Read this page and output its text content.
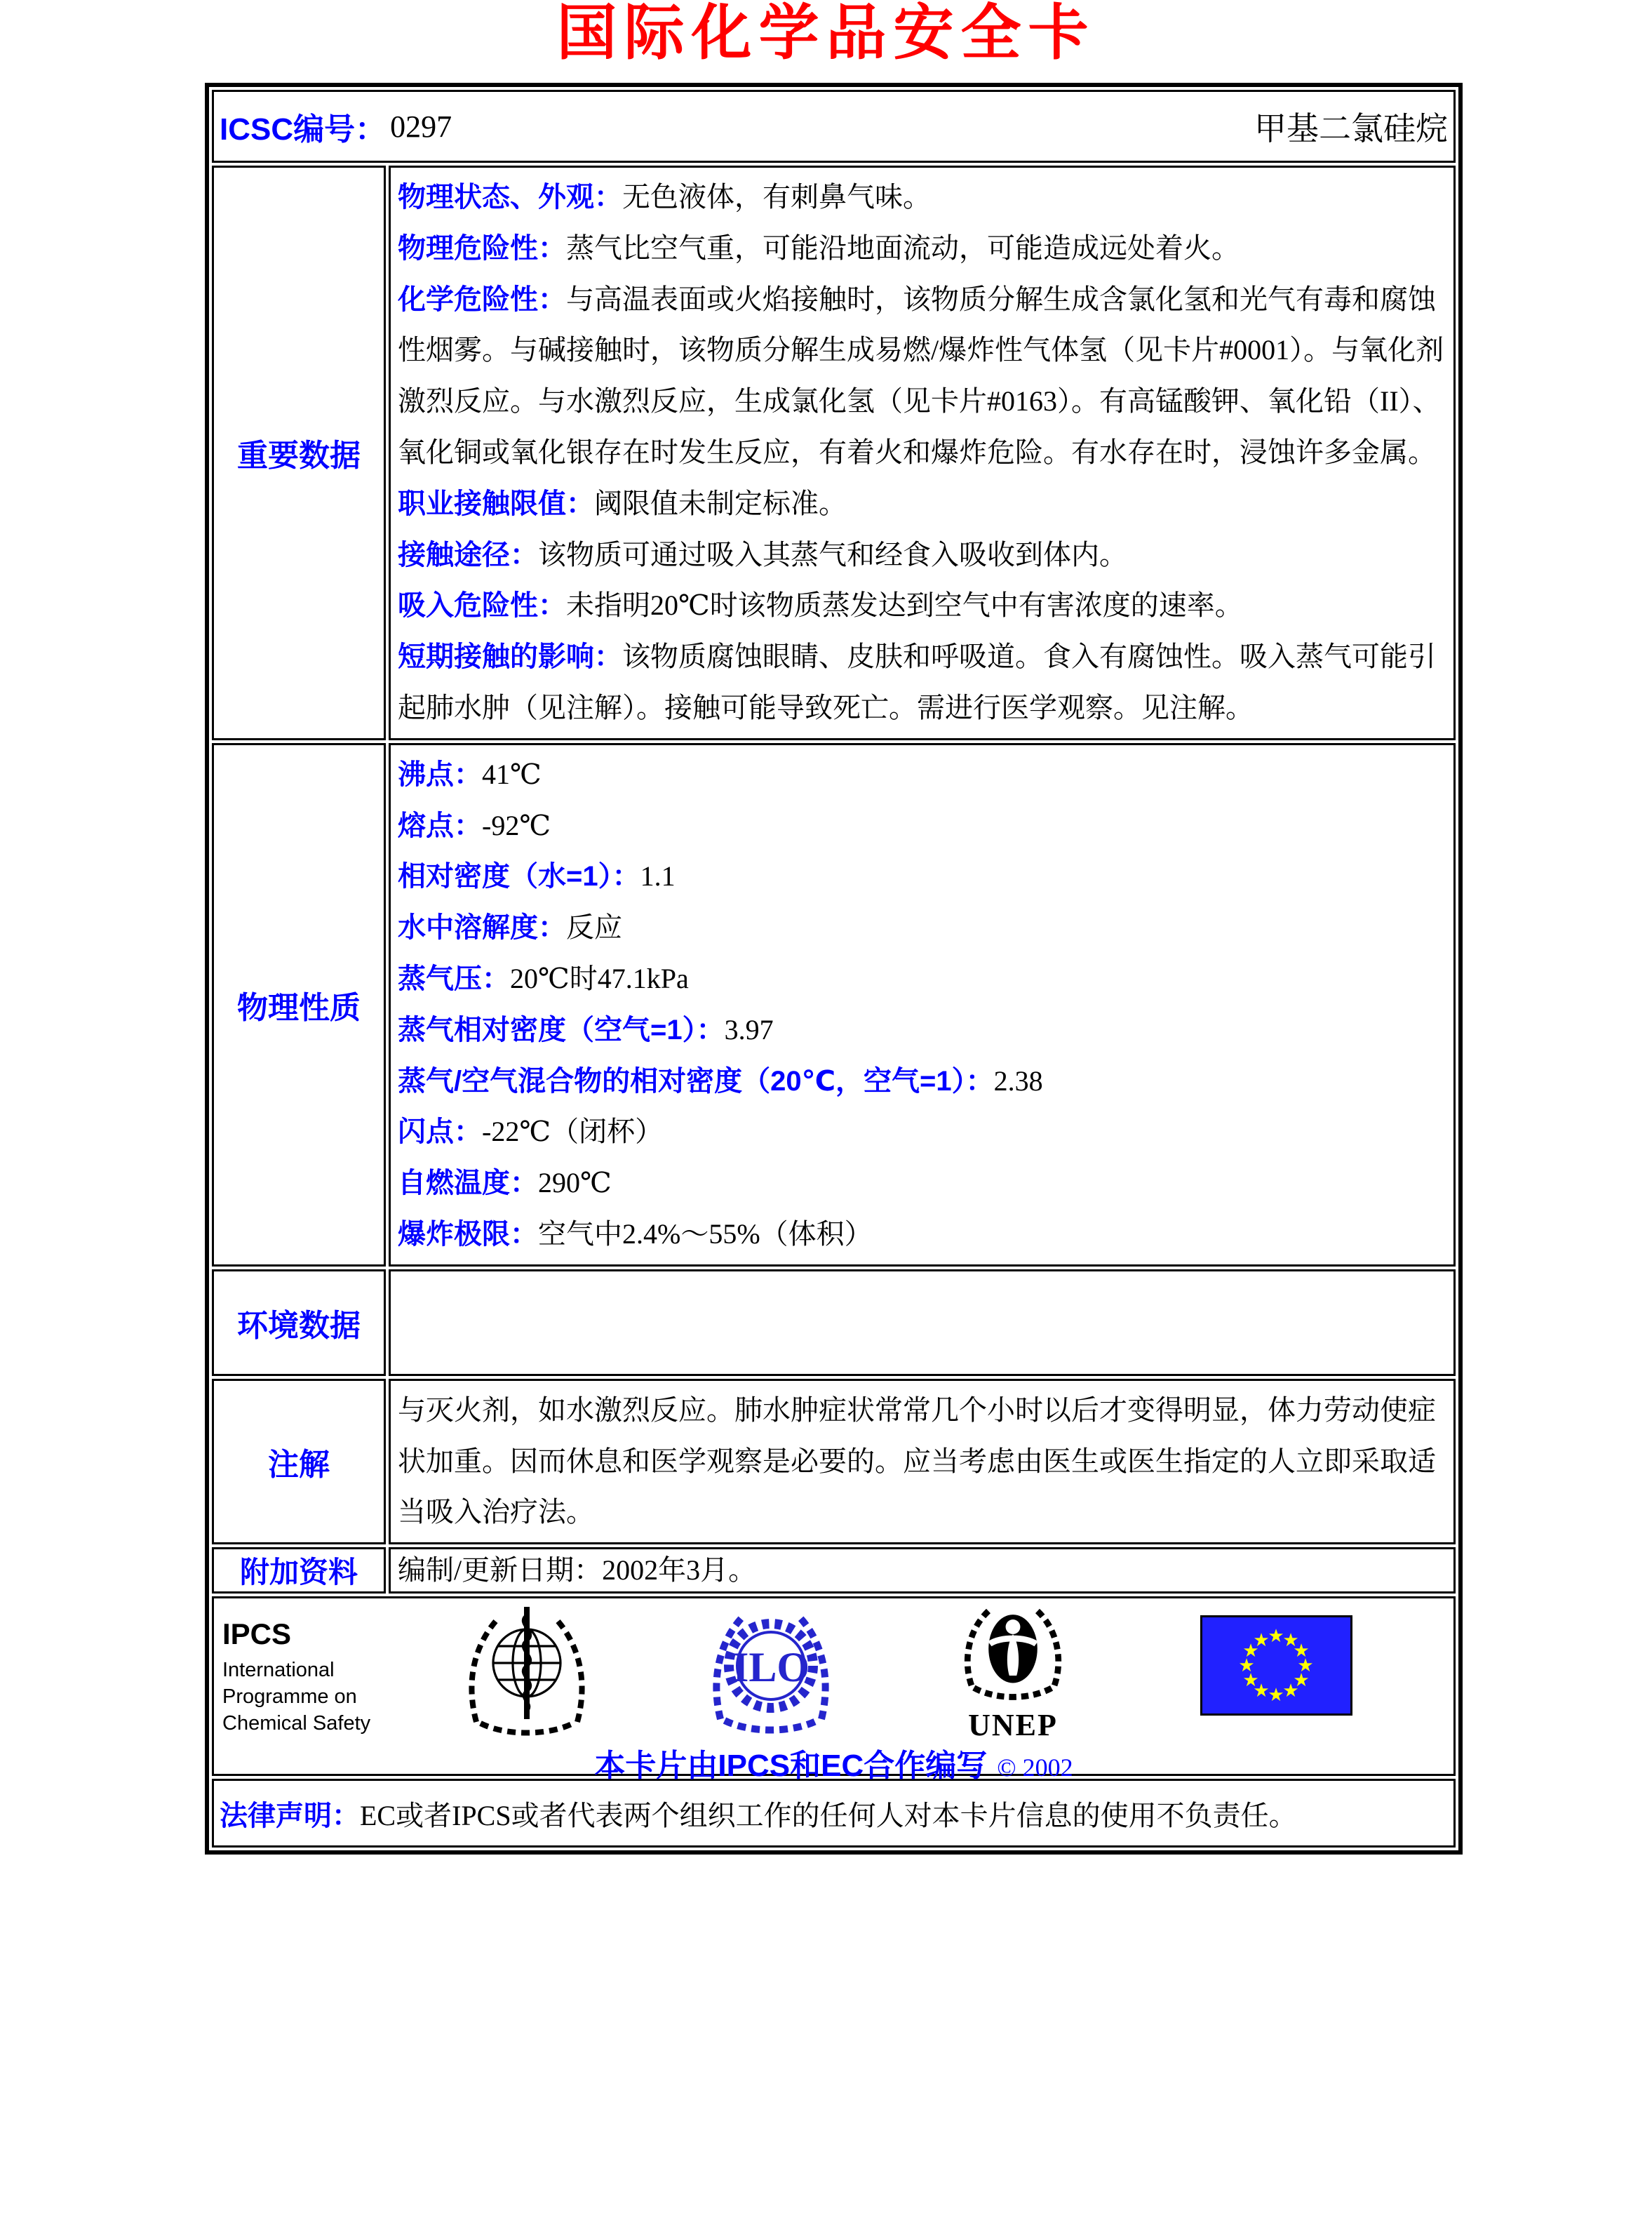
国际化学品安全卡
ICSC编号： 0297	甲基二氯硅烷
重要数据

物理状态、外观：无色液体，有刺鼻气味。

物理危险性：蒸气比空气重，可能沿地面流动，可能造成远处着火。

化学危险性：与高温表面或火焰接触时，该物质分解生成含氯化氢和光气有毒和腐蚀性烟雾。与碱接触时，该物质分解生成易燃/爆炸性气体氢（见卡片#0001）。与氧化剂激烈反应。与水激烈反应，生成氯化氢（见卡片#0163）。有高锰酸钾、氧化铅（II）、氧化铜或氧化银存在时发生反应，有着火和爆炸危险。有水存在时，浸蚀许多金属。

职业接触限值：阈限值未制定标准。

接触途径：该物质可通过吸入其蒸气和经食入吸收到体内。

吸入危险性：未指明20℃时该物质蒸发达到空气中有害浓度的速率。

短期接触的影响：该物质腐蚀眼睛、皮肤和呼吸道。食入有腐蚀性。吸入蒸气可能引起肺水肿（见注解）。接触可能导致死亡。需进行医学观察。见注解。

物理性质

沸点：41℃

熔点：-92℃

相对密度（水=1）：1.1

水中溶解度：反应

蒸气压：20℃时47.1kPa

蒸气相对密度（空气=1）：3.97

蒸气/空气混合物的相对密度（20℃，空气=1）：2.38

闪点：-22℃（闭杯）

自燃温度：290℃

爆炸极限：空气中2.4%～55%（体积）

环境数据
注解
与灭火剂，如水激烈反应。肺水肿症状常常几个小时以后才变得明显，体力劳动使症状加重。因而休息和医学观察是必要的。应当考虑由医生或医生指定的人立即采取适当吸入治疗法。
附加资料	编制/更新日期：2002年3月。
IPCS
International
Programme on
Chemical Safety
ILO
UNEP
★
★
★
★
★
★
★
★
★
★
★
★
本卡片由IPCS和EC合作编写 © 2002
法律声明： EC或者IPCS或者代表两个组织工作的任何人对本卡片信息的使用不负责任。
